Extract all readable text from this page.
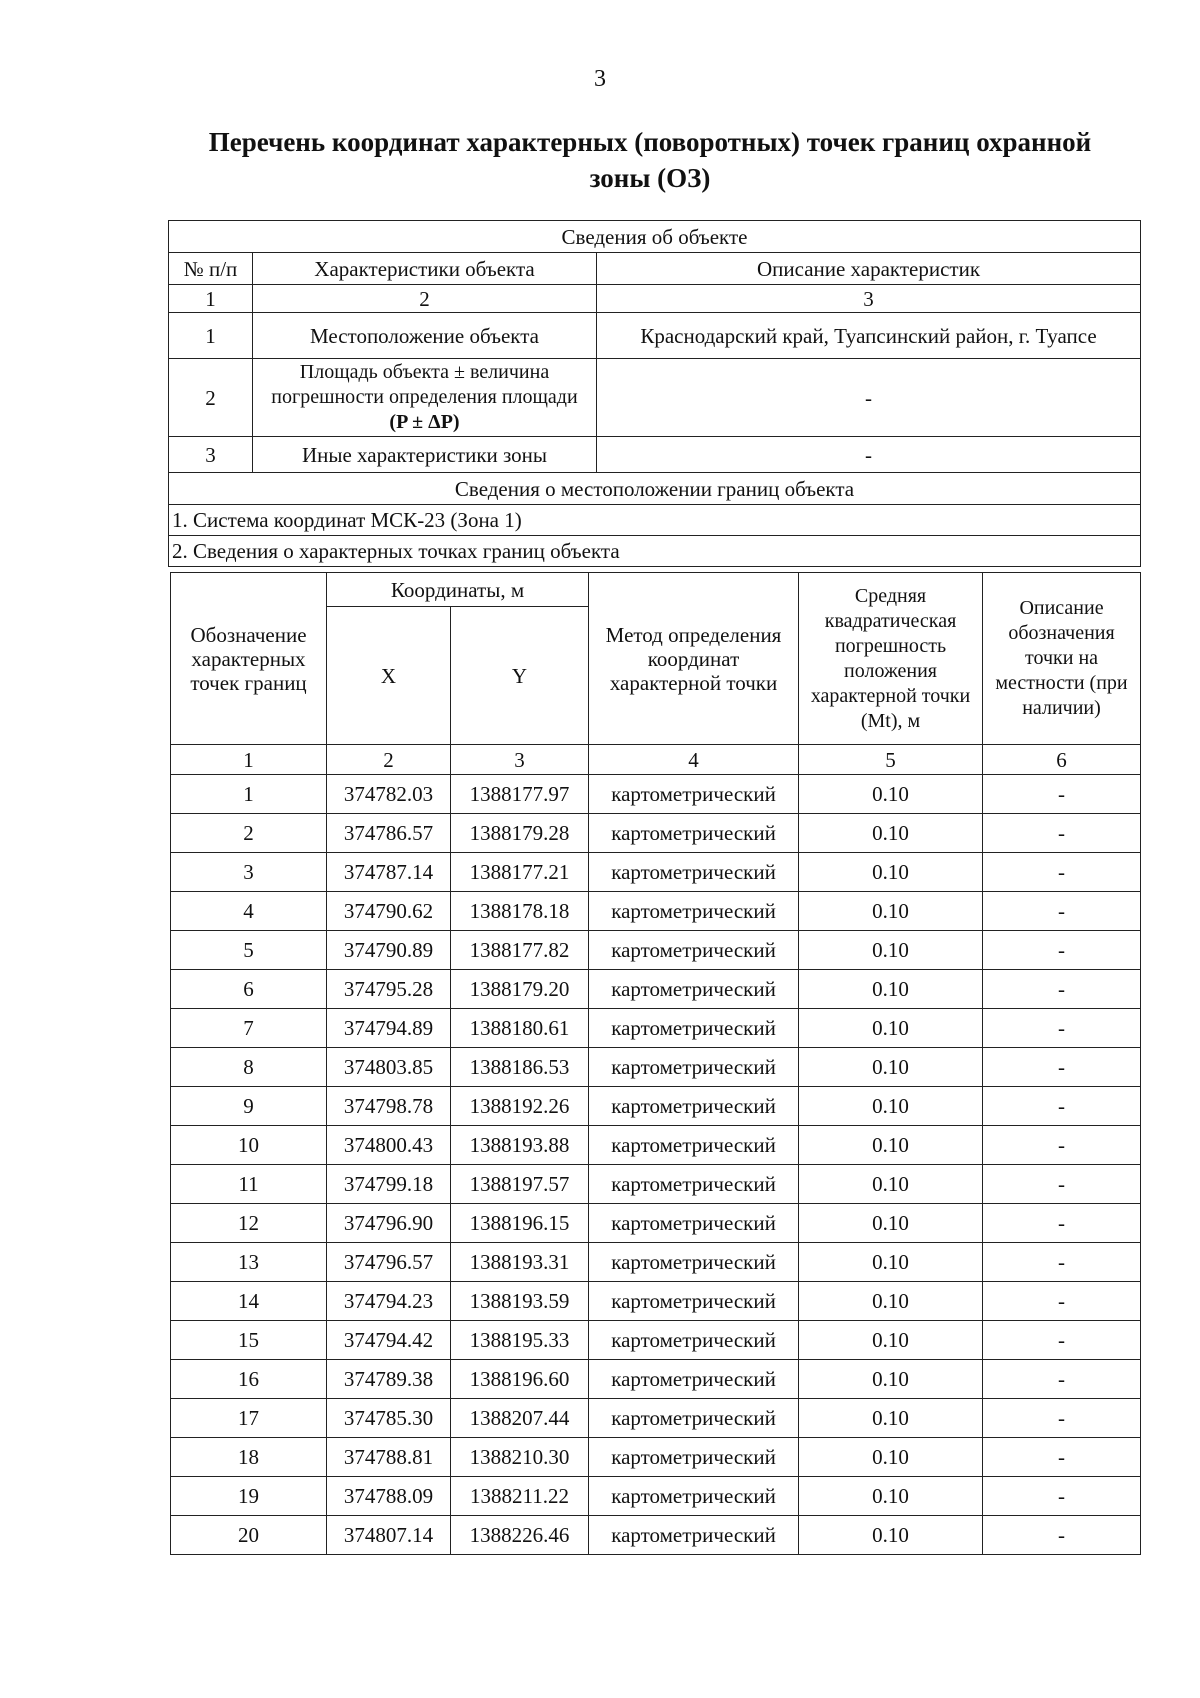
3
Перечень координат характерных (поворотных) точек границ охранной
зоны (ОЗ)
Сведения об объекте		
№ п/п	Характеристики объекта	Описание характеристик
1	2	3
1	Местоположение объекта	Краснодарский край, Туапсинский район, г. Туапсе
2	Площадь объекта ± величина
погрешности определения площади
(P ± ΔP)	-
3	Иные характеристики зоны	-
Сведения о местоположении границ объекта		
1. Система координат МСК-23 (Зона 1)		
2. Сведения о характерных точках границ объекта		
Обозначение характерных точек границ	Координаты, м		Метод определения координат характерной точки	Средняя квадратическая погрешность положения характерной точки (Mt), м	Описание обозначения точки на местности (при наличии)
	X	Y			
1	2	3	4	5	6
1	374782.03	1388177.97	картометрический	0.10	-
2	374786.57	1388179.28	картометрический	0.10	-
3	374787.14	1388177.21	картометрический	0.10	-
4	374790.62	1388178.18	картометрический	0.10	-
5	374790.89	1388177.82	картометрический	0.10	-
6	374795.28	1388179.20	картометрический	0.10	-
7	374794.89	1388180.61	картометрический	0.10	-
8	374803.85	1388186.53	картометрический	0.10	-
9	374798.78	1388192.26	картометрический	0.10	-
10	374800.43	1388193.88	картометрический	0.10	-
11	374799.18	1388197.57	картометрический	0.10	-
12	374796.90	1388196.15	картометрический	0.10	-
13	374796.57	1388193.31	картометрический	0.10	-
14	374794.23	1388193.59	картометрический	0.10	-
15	374794.42	1388195.33	картометрический	0.10	-
16	374789.38	1388196.60	картометрический	0.10	-
17	374785.30	1388207.44	картометрический	0.10	-
18	374788.81	1388210.30	картометрический	0.10	-
19	374788.09	1388211.22	картометрический	0.10	-
20	374807.14	1388226.46	картометрический	0.10	-
